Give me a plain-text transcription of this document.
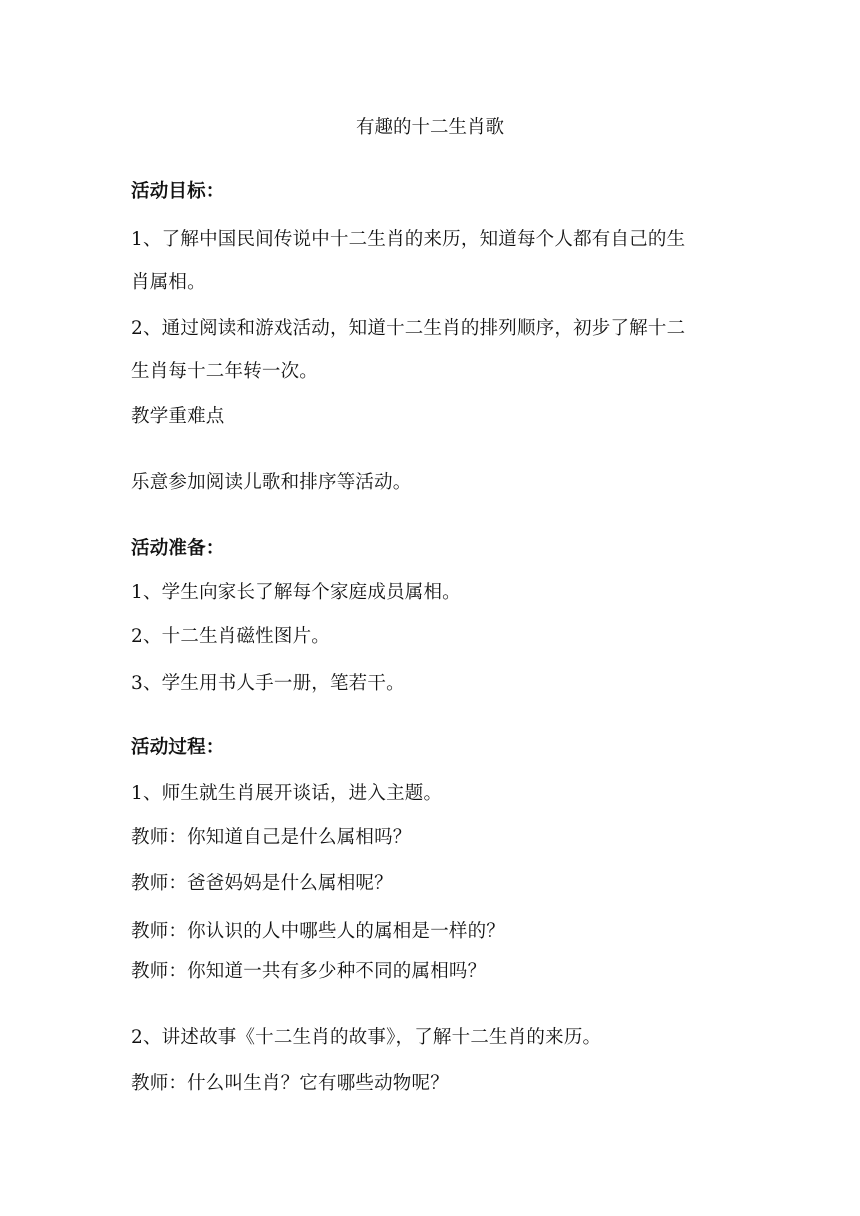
有趣的十二生肖歌
活动目标：
1、了解中国民间传说中十二生肖的来历，知道每个人都有自己的生
肖属相。
2、通过阅读和游戏活动，知道十二生肖的排列顺序，初步了解十二
生肖每十二年转一次。
教学重难点
乐意参加阅读儿歌和排序等活动。
活动准备：
1、学生向家长了解每个家庭成员属相。
2、十二生肖磁性图片。
3、学生用书人手一册，笔若干。
活动过程：
1、师生就生肖展开谈话，进入主题。
教师：你知道自己是什么属相吗？
教师：爸爸妈妈是什么属相呢？
教师：你认识的人中哪些人的属相是一样的？
教师：你知道一共有多少种不同的属相吗？
2、讲述故事《十二生肖的故事》，了解十二生肖的来历。
教师：什么叫生肖？它有哪些动物呢？
